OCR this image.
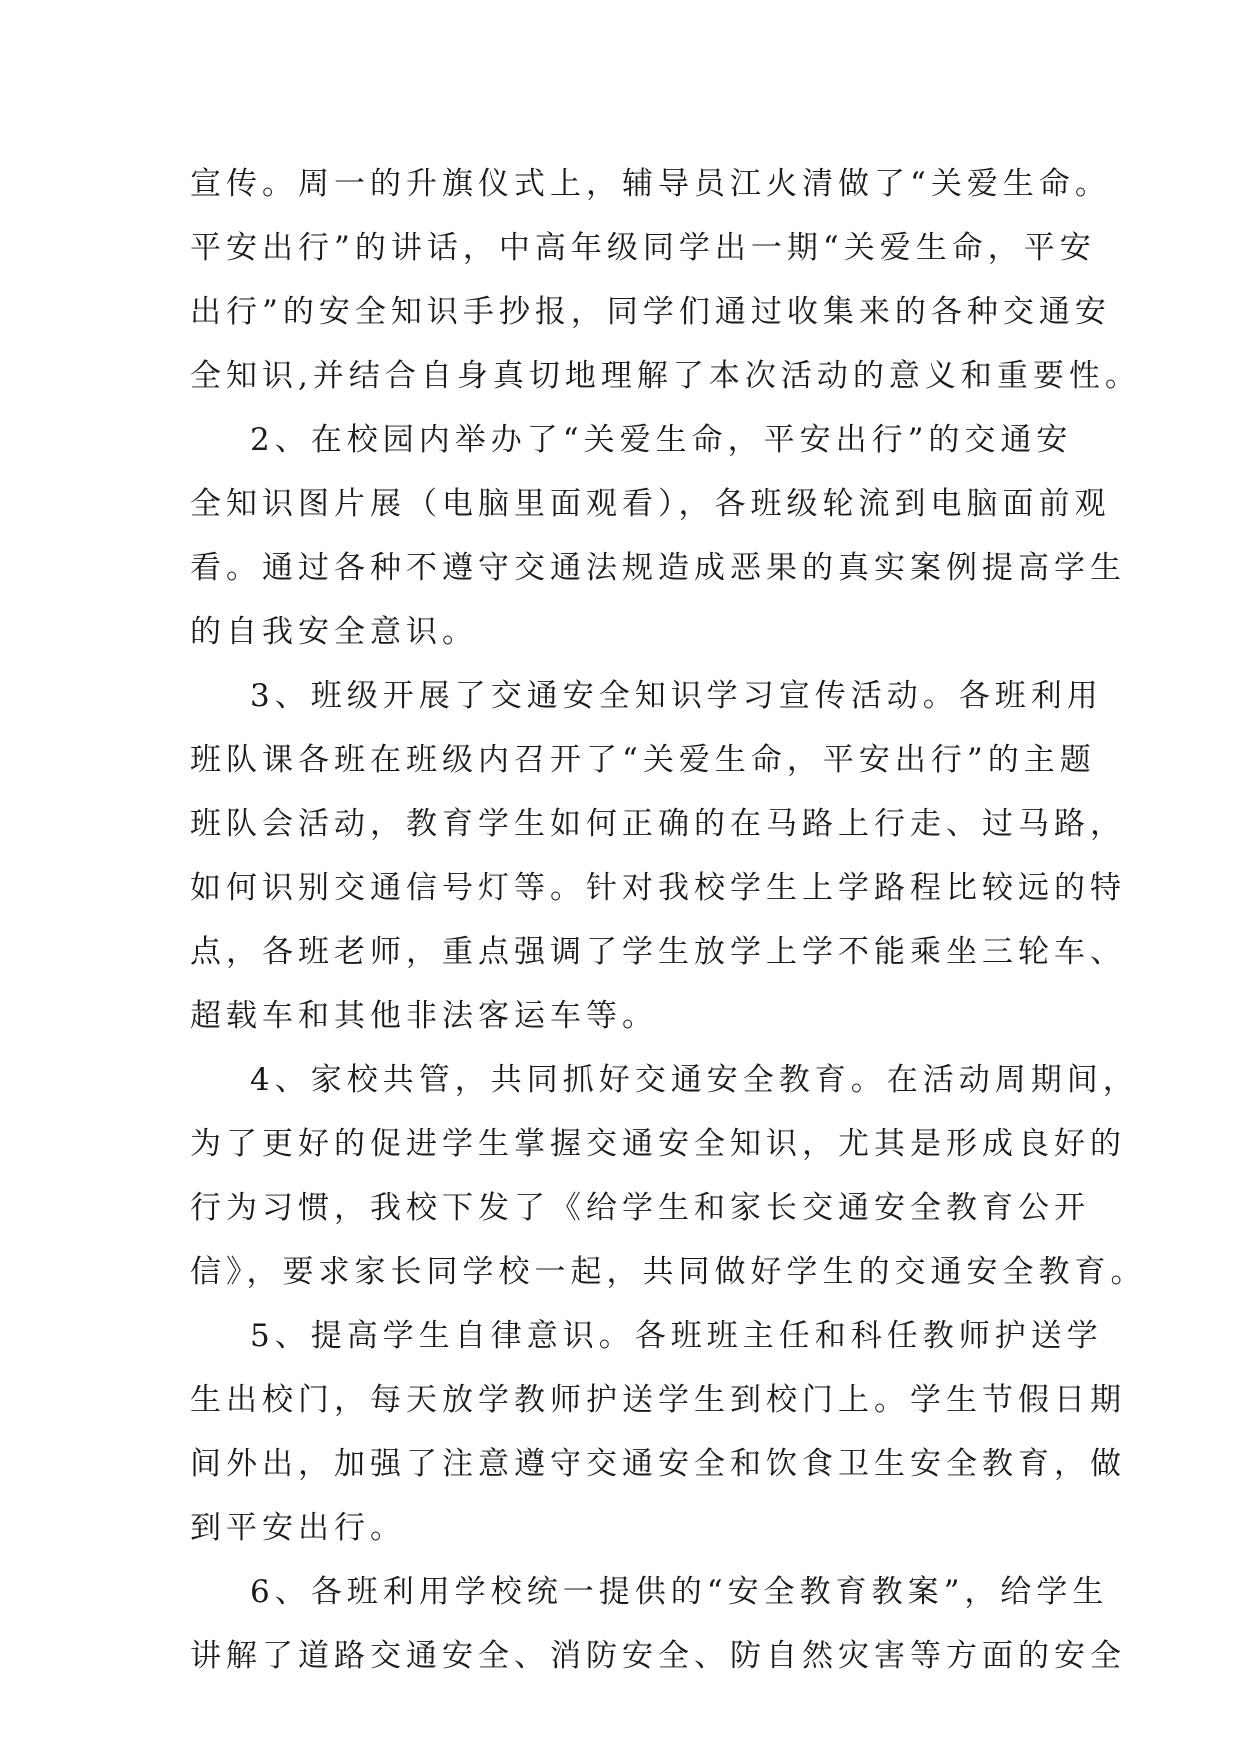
宣传。周一的升旗仪式上，辅导员江火清做了“关爱生命。
平安出行”的讲话，中高年级同学出一期“关爱生命，平安
出行”的安全知识手抄报，同学们通过收集来的各种交通安
全知识,并结合自身真切地理解了本次活动的意义和重要性。
2、在校园内举办了“关爱生命，平安出行”的交通安
全知识图片展（电脑里面观看），各班级轮流到电脑面前观
看。通过各种不遵守交通法规造成恶果的真实案例提高学生
的自我安全意识。
3、班级开展了交通安全知识学习宣传活动。各班利用
班队课各班在班级内召开了“关爱生命，平安出行”的主题
班队会活动，教育学生如何正确的在马路上行走、过马路，
如何识别交通信号灯等。针对我校学生上学路程比较远的特
点，各班老师，重点强调了学生放学上学不能乘坐三轮车、
超载车和其他非法客运车等。
4、家校共管，共同抓好交通安全教育。在活动周期间，
为了更好的促进学生掌握交通安全知识，尤其是形成良好的
行为习惯，我校下发了《给学生和家长交通安全教育公开
信》，要求家长同学校一起，共同做好学生的交通安全教育。
5、提高学生自律意识。各班班主任和科任教师护送学
生出校门，每天放学教师护送学生到校门上。学生节假日期
间外出，加强了注意遵守交通安全和饮食卫生安全教育，做
到平安出行。
6、各班利用学校统一提供的“安全教育教案”，给学生
讲解了道路交通安全、消防安全、防自然灾害等方面的安全
